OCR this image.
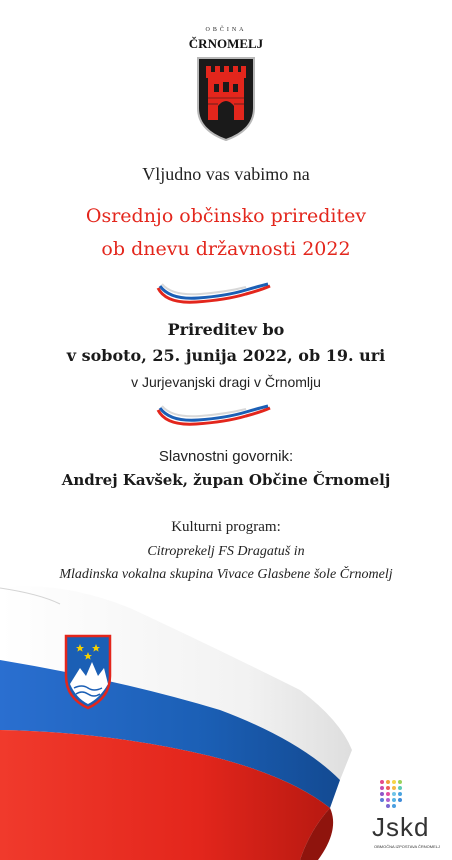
OBČINA
ČRNOMELJ
Vljudno vas vabimo na
Osrednjo občinsko prireditev
ob dnevu državnosti 2022
Prireditev bo
v soboto, 25. junija 2022, ob 19. uri
v Jurjevanjski dragi v Črnomlju
Slavnostni govornik:
Andrej Kavšek, župan Občine Črnomelj
Kulturni program:
Citroprekelj FS Dragatuš in
Mladinska vokalna skupina Vivace Glasbene šole Črnomelj
Jskd
OBMOČNA IZPOSTAVA ČRNOMELJ
